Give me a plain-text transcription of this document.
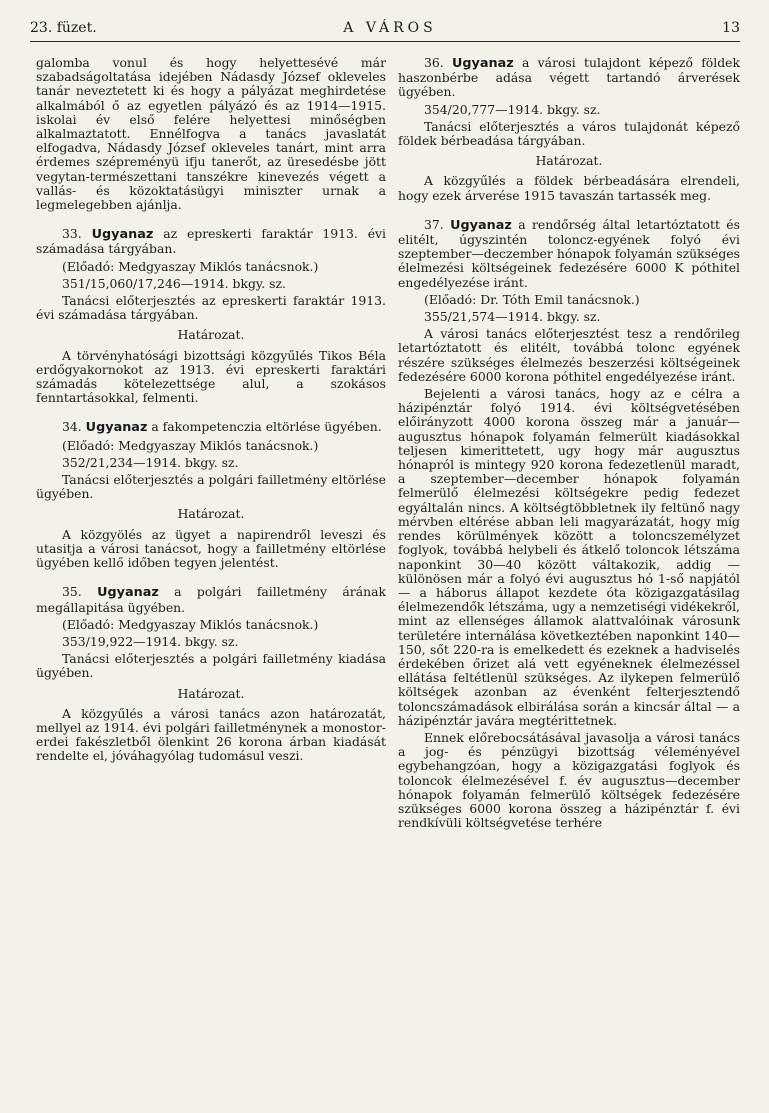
23. füzet.	A VÁROS	13

galomba vonul és hogy helyettesévé már szabadságoltatása idejében Nádasdy József okleveles tanár neveztetett ki és hogy a pályázat meghirdetése alkalmából ő az egyetlen pályázó és az 1914—1915. iskolai év első felére helyettesi minőségben alkalmaztatott. Ennélfogva a tanács javaslatát elfogadva, Nádasdy József okleveles tanárt, mint arra érdemes szépreményü ifju tanerőt, az üresedésbe jött vegytan-természettani tanszékre kinevezés végett a vallás- és közoktatásügyi miniszter urnak a legmelegebben ajánlja.

33. Ugyanaz az epreskerti faraktár 1913. évi számadása tárgyában.

(Előadó: Medgyaszay Miklós tanácsnok.)

351/15,060/17,246—1914. bkgy. sz.

Tanácsi előterjesztés az epreskerti faraktár 1913. évi számadása tárgyában.

Határozat.

A törvényhatósági bizottsági közgyűlés Tikos Béla erdőgyakornokot az 1913. évi epreskerti faraktári számadás kötelezettsége alul, a szokásos fenntartásokkal, felmenti.

34. Ugyanaz a fakompetenczia eltörlése ügyében.

(Előadó: Medgyaszay Miklós tanácsnok.)

352/21,234—1914. bkgy. sz.

Tanácsi előterjesztés a polgári failletmény eltörlése ügyében.

Határozat.

A közgyölés az ügyet a napirendről leveszi és utasitja a városi tanácsot, hogy a failletmény eltörlése ügyében kellő időben tegyen jelentést.

35. Ugyanaz a polgári failletmény árának megállapitása ügyében.

(Előadó: Medgyaszay Miklós tanácsnok.)

353/19,922—1914. bkgy. sz.

Tanácsi előterjesztés a polgári failletmény kiadása ügyében.

Határozat.

A közgyűlés a városi tanács azon határozatát, mellyel az 1914. évi polgári failletménynek a monostor-erdei fakészletből ölenkint 26 korona árban kiadását rendelte el, jóváhagyólag tudomásul veszi.

36. Ugyanaz a városi tulajdont képező földek haszonbérbe adása végett tartandó árverések ügyében.

354/20,777—1914. bkgy. sz.

Tanácsi előterjesztés a város tulajdonát képező földek bérbeadása tárgyában.

Határozat.

A közgyűlés a földek bérbeadására elrendeli, hogy ezek árverése 1915 tavaszán tartassék meg.

37. Ugyanaz a rendőrség által letartóztatott és elitélt, úgyszintén toloncz-egyének folyó évi szeptember—deczember hónapok folyamán szükséges élelmezési költségeinek fedezésére 6000 K póthitel engedélyezése iránt.

(Előadó: Dr. Tóth Emil tanácsnok.)

355/21,574—1914. bkgy. sz.

A városi tanács előterjesztést tesz a rendőrileg letartóztatott és elitélt, továbbá tolonc egyének részére szükséges élelmezés beszerzési költségeinek fedezésére 6000 korona póthitel engedélyezése iránt.

Bejelenti a városi tanács, hogy az e célra a házipénztár folyó 1914. évi költségvetésében előirányzott 4000 korona összeg már a január—augusztus hónapok folyamán felmerült kiadásokkal teljesen kimerittetett, ugy hogy már augusztus hónapról is mintegy 920 korona fedezetlenül maradt, a szeptember—december hónapok folyamán felmerülő élelmezési költségekre pedig fedezet egyáltalán nincs. A költségtöbbletnek ily feltünő nagy mérvben eltérése abban leli magyarázatát, hogy míg rendes körülmények között a toloncszemélyzet foglyok, továbbá helybeli és átkelő toloncok létszáma naponkint 30—40 között váltakozik, addig — különösen már a folyó évi augusztus hó 1-ső napjától — a háborus állapot kezdete óta közigazgatásilag élelmezendők létszáma, ugy a nemzetiségi vidékekről, mint az ellenséges államok alattvalóinak városunk területére internálása következtében naponkint 140—150, sőt 220-ra is emelkedett és ezeknek a hadviselés érdekében őrizet alá vett egyéneknek élelmezéssel ellátása feltétlenül szükséges. Az ilykepen felmerülő költségek azonban az évenként felterjesztendő toloncszámadások elbirálása során a kincsár által — a házipénztár javára megtérittetnek.

Ennek előrebocsátásával javasolja a városi tanács a jog- és pénzügyi bizottság véleményével egybehangzóan, hogy a közigazgatási foglyok és toloncok élelmezésével f. év augusztus—december hónapok folyamán felmerülő költségek fedezésére szükséges 6000 korona összeg a házipénztár f. évi rendkívüli költségvetése terhére
